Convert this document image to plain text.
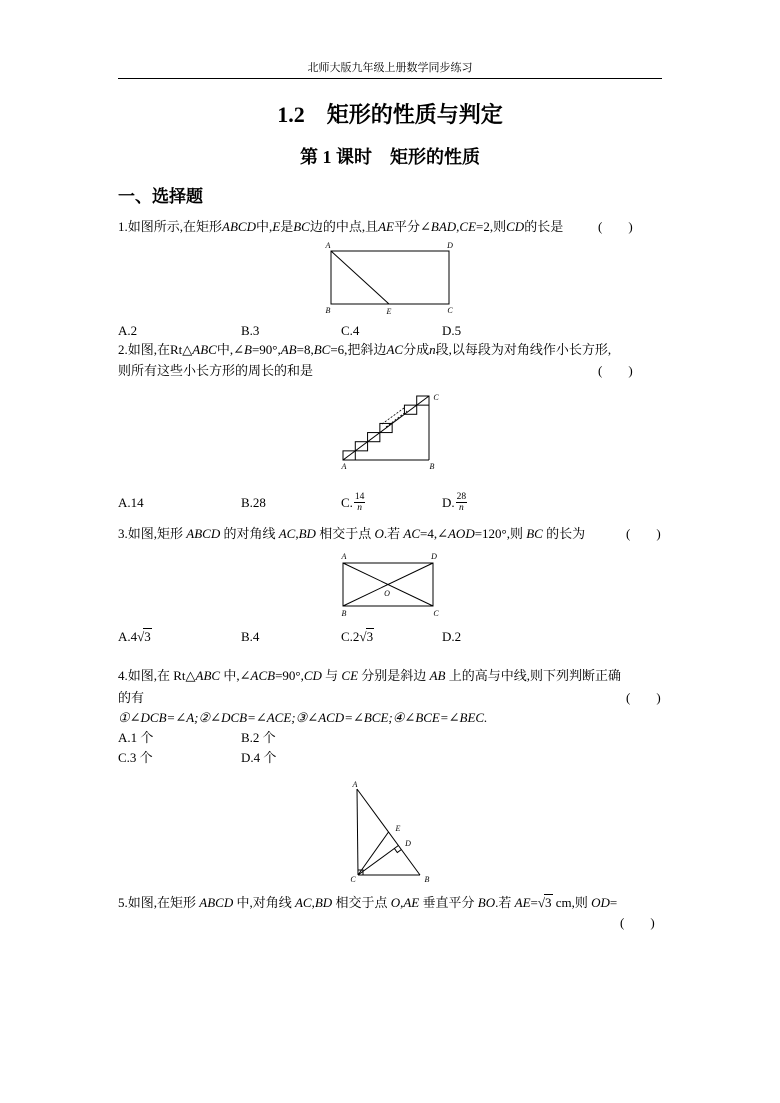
北师大版九年级上册数学同步练习
1.2　矩形的性质与判定
第 1 课时　矩形的性质
一、选择题
1.如图所示,在矩形ABCD中,E是BC边的中点,且AE平分∠BAD,CE=2,则CD的长是	(　　)
A	D
B	E	C
A.2	B.3	C.4	D.5
2.如图,在Rt△ABC中,∠B=90°,AB=8,BC=6,把斜边AC分成n段,以每段为对角线作小长方形,
则所有这些小长方形的周长的和是	(　　)
A	B
C
A.14	B.28	C. $\frac{14}{n}$	D. $\frac{28}{n}$
3.如图,矩形 ABCD 的对角线 AC,BD 相交于点 O.若 AC=4,∠AOD=120°,则 BC 的长为	(　　)
A	D
B	C
O
A.4√3	B.4	C.2√3	D.2
4.如图,在 Rt△ABC 中,∠ACB=90°,CD 与 CE 分别是斜边 AB 上的高与中线,则下列判断正确
的有	(　　)
①∠DCB=∠A;②∠DCB=∠ACE;③∠ACD=∠BCE;④∠BCE=∠BEC.
A.1 个	B.2 个
C.3 个	D.4 个
A
E
D
C	B
5.如图,在矩形 ABCD 中,对角线 AC,BD 相交于点 O,AE 垂直平分 BO.若 AE=√3 cm,则 OD=
(　　)
